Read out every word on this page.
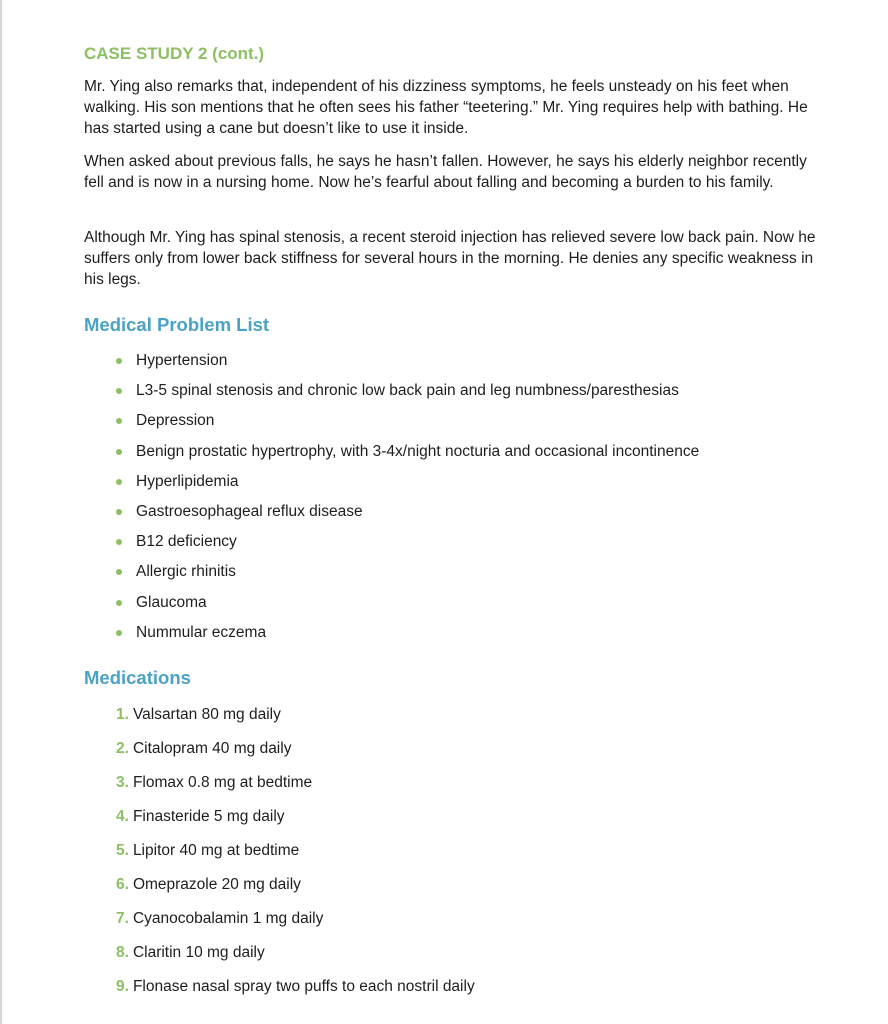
CASE STUDY 2 (cont.)
Mr. Ying also remarks that, independent of his dizziness symptoms, he feels unsteady on his feet when walking. His son mentions that he often sees his father “teetering.” Mr. Ying requires help with bathing. He has started using a cane but doesn’t like to use it inside.
When asked about previous falls, he says he hasn’t fallen. However, he says his elderly neighbor recently fell and is now in a nursing home. Now he’s fearful about falling and becoming a burden to his family.
Although Mr. Ying has spinal stenosis, a recent steroid injection has relieved severe low back pain. Now he suffers only from lower back stiffness for several hours in the morning. He denies any specific weakness in his legs.
Medical Problem List
Hypertension
L3-5 spinal stenosis and chronic low back pain and leg numbness/paresthesias
Depression
Benign prostatic hypertrophy, with 3-4x/night nocturia and occasional incontinence
Hyperlipidemia
Gastroesophageal reflux disease
B12 deficiency
Allergic rhinitis
Glaucoma
Nummular eczema
Medications
1. Valsartan 80 mg daily
2. Citalopram 40 mg daily
3. Flomax 0.8 mg at bedtime
4. Finasteride 5 mg daily
5. Lipitor 40 mg at bedtime
6. Omeprazole 20 mg daily
7. Cyanocobalamin 1 mg daily
8. Claritin 10 mg daily
9. Flonase nasal spray two puffs to each nostril daily
